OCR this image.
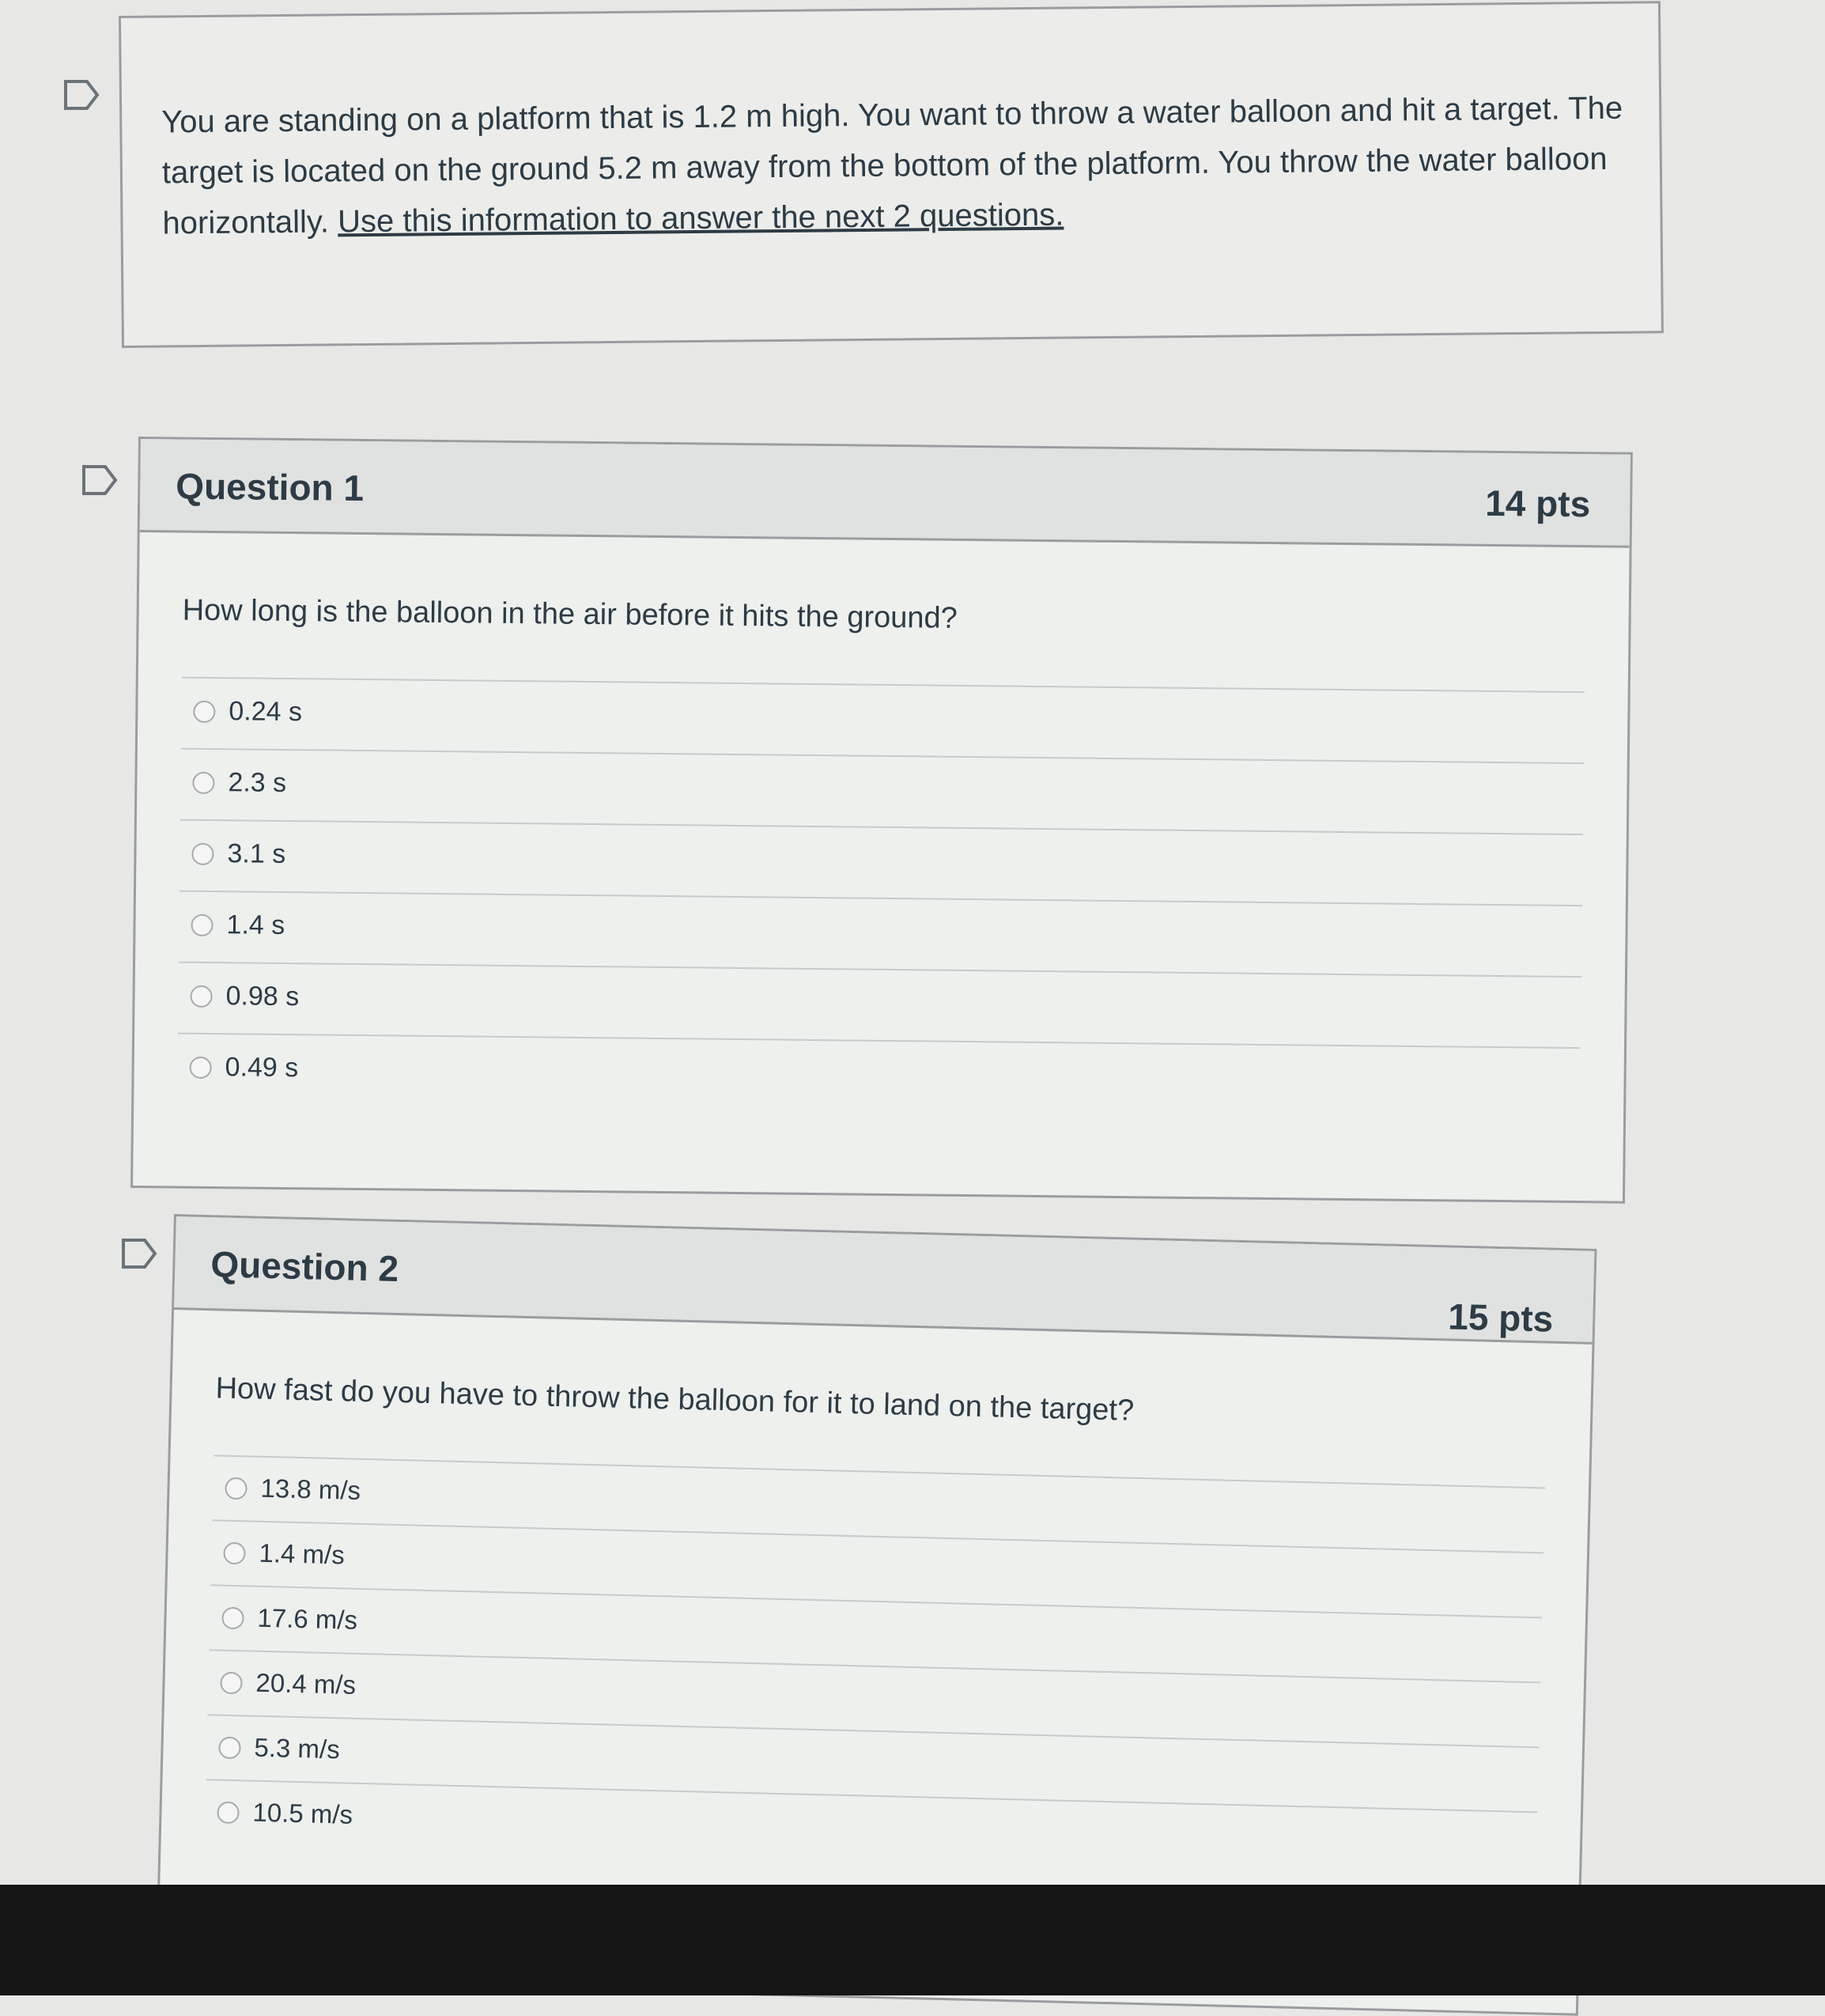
You are standing on a platform that is 1.2 m high. You want to throw a water balloon and hit a target. The target is located on the ground 5.2 m away from the bottom of the platform. You throw the water balloon horizontally. Use this information to answer the next 2 questions.
Question 1	14 pts
How long is the balloon in the air before it hits the ground?
0.24 s
2.3 s
3.1 s
1.4 s
0.98 s
0.49 s
Question 2
15 pts
How fast do you have to throw the balloon for it to land on the target?
13.8 m/s
1.4 m/s
17.6 m/s
20.4 m/s
5.3 m/s
10.5 m/s
